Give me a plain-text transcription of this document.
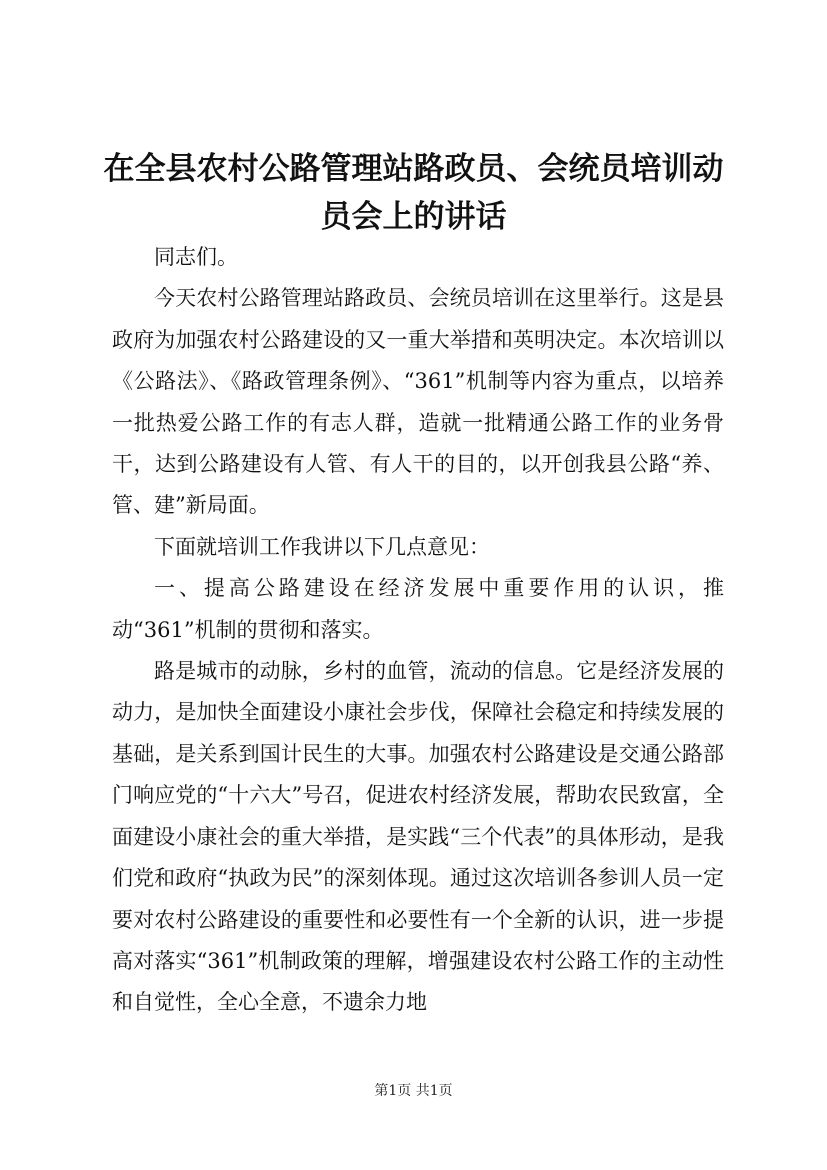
在全县农村公路管理站路政员、会统员培训动员会上的讲话

同志们。

今天农村公路管理站路政员、会统员培训在这里举行。这是县政府为加强农村公路建设的又一重大举措和英明决定。本次培训以《公路法》、《路政管理条例》、“361”机制等内容为重点，以培养一批热爱公路工作的有志人群，造就一批精通公路工作的业务骨干，达到公路建设有人管、有人干的目的，以开创我县公路“养、管、建”新局面。

下面就培训工作我讲以下几点意见：

一、提高公路建设在经济发展中重要作用的认识，推动“361”机制的贯彻和落实。

路是城市的动脉，乡村的血管，流动的信息。它是经济发展的动力，是加快全面建设小康社会步伐，保障社会稳定和持续发展的基础，是关系到国计民生的大事。加强农村公路建设是交通公路部门响应党的“十六大”号召，促进农村经济发展，帮助农民致富，全面建设小康社会的重大举措，是实践“三个代表”的具体形动，是我们党和政府“执政为民”的深刻体现。通过这次培训各参训人员一定要对农村公路建设的重要性和必要性有一个全新的认识，进一步提高对落实“361”机制政策的理解，增强建设农村公路工作的主动性和自觉性，全心全意，不遗余力地

第1页 共1页
